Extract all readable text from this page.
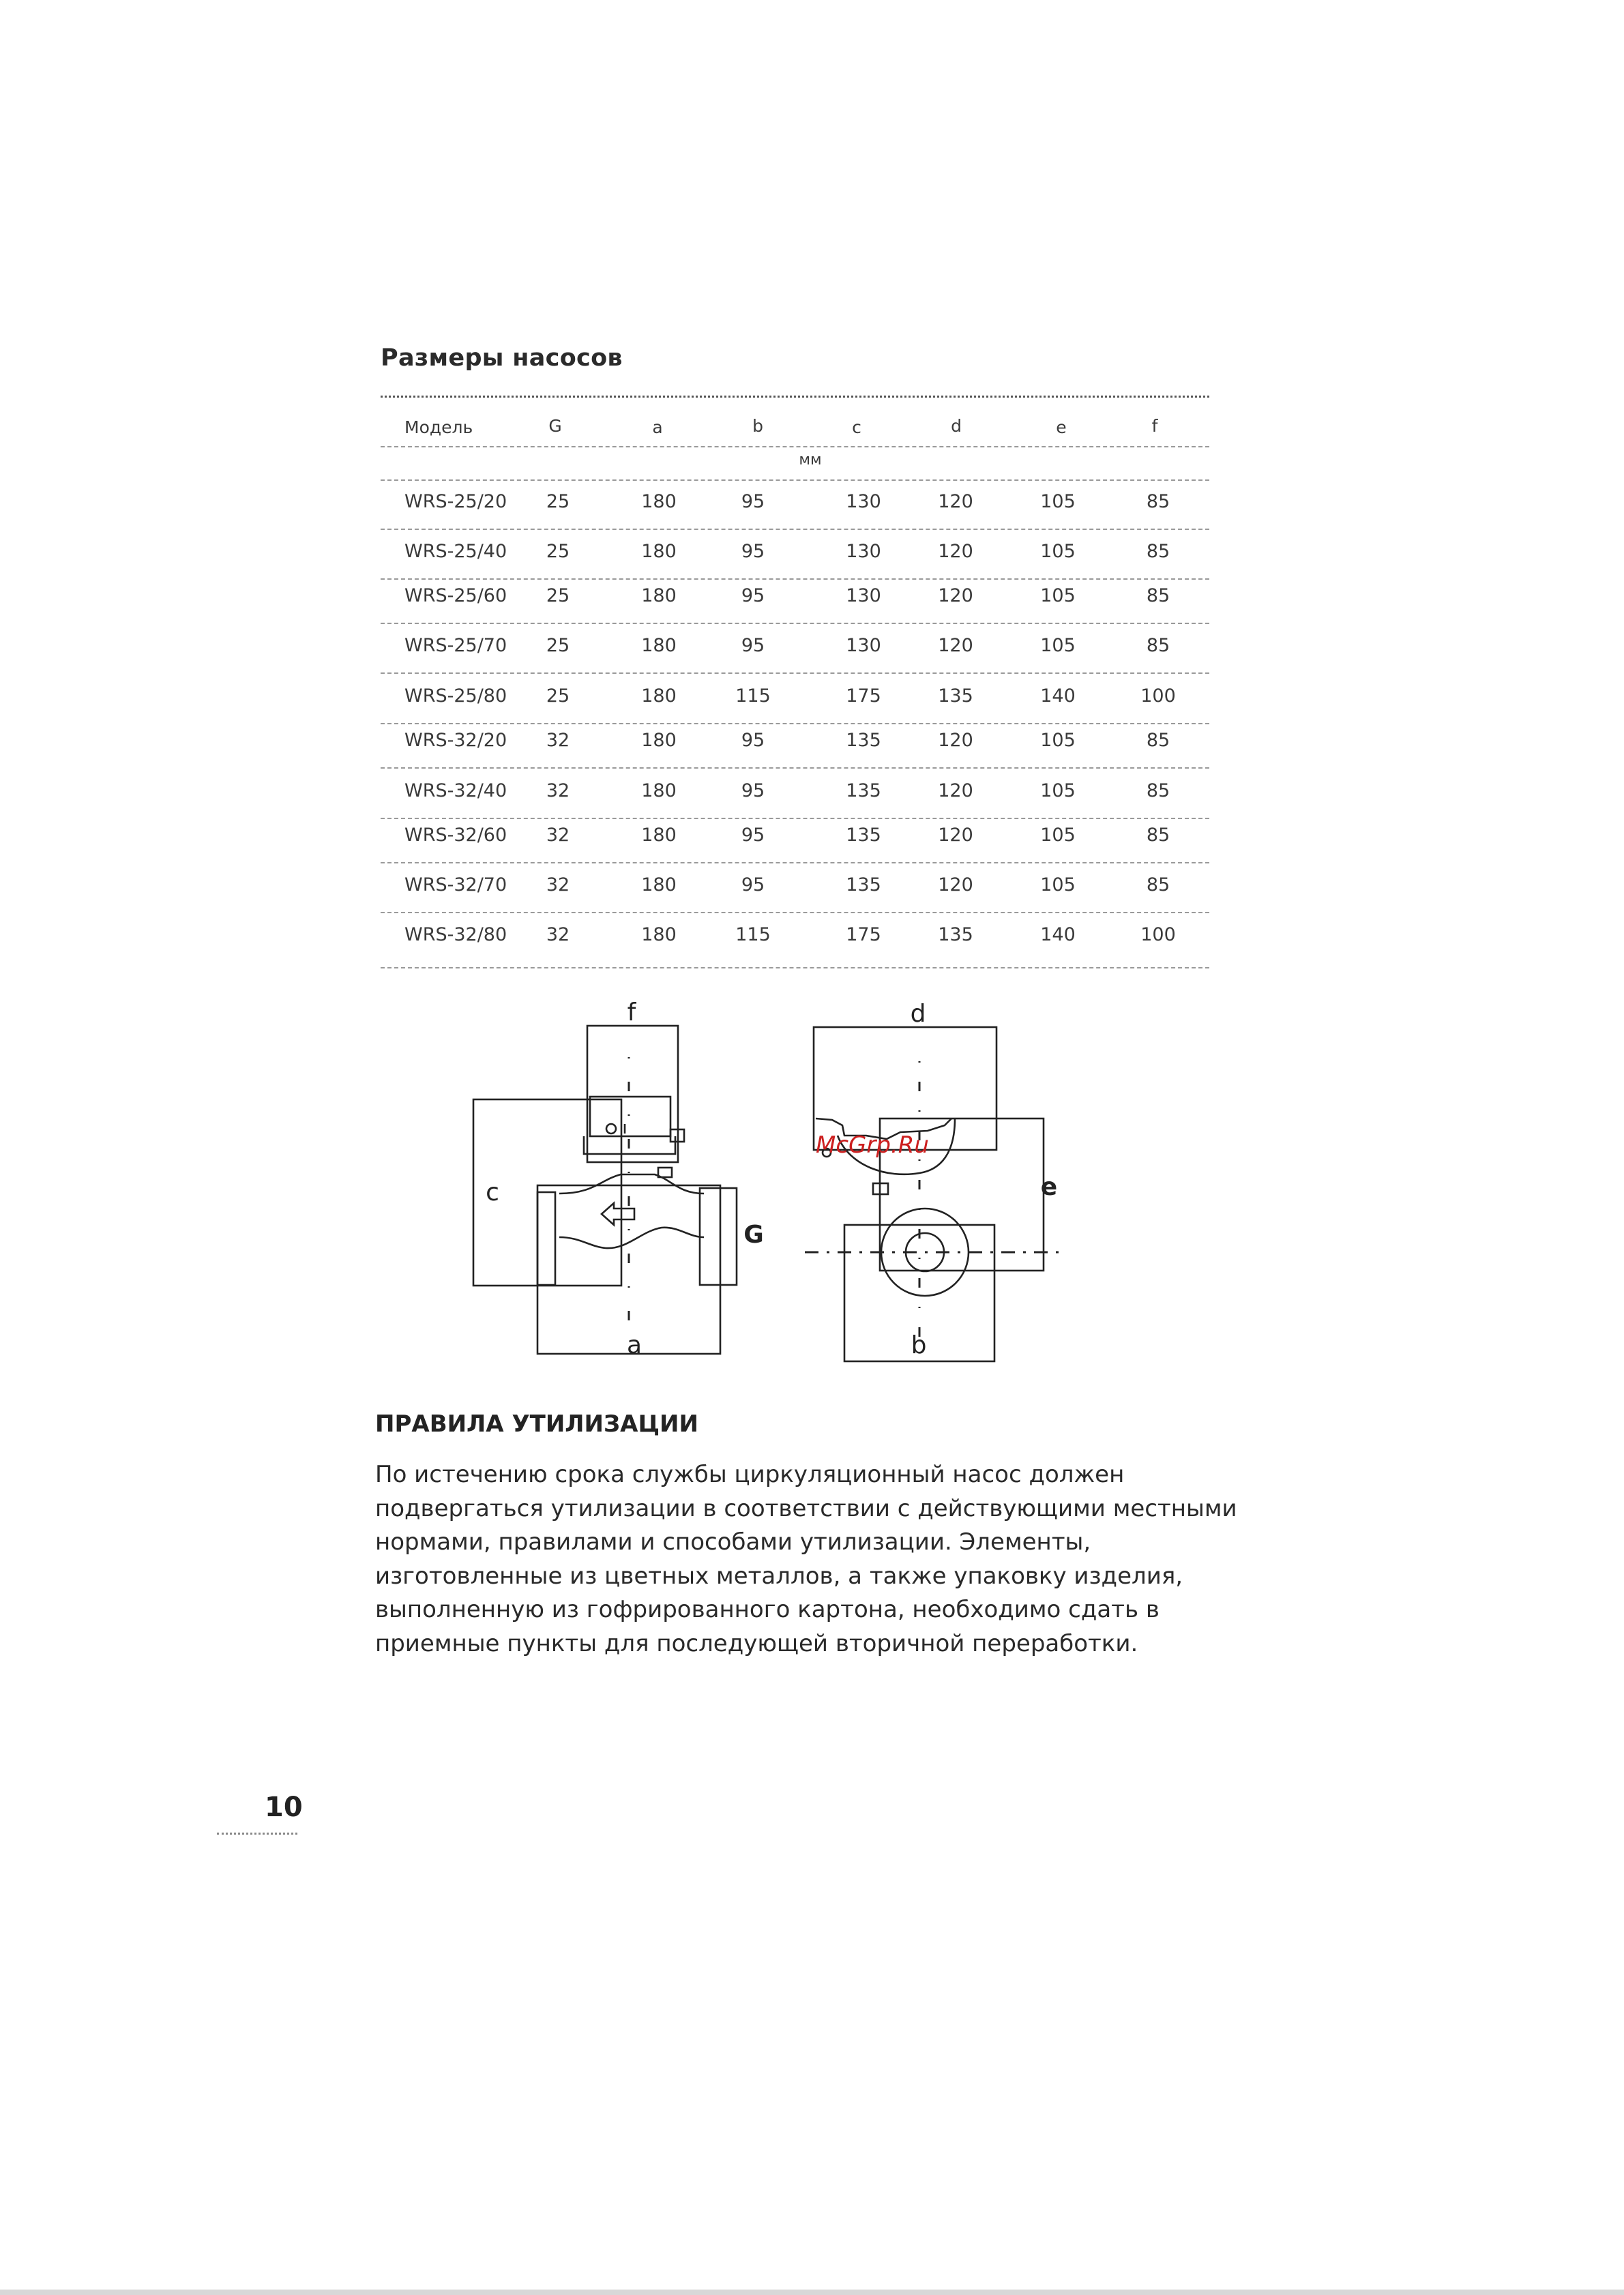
Размеры насосов
Модель	G	a	b	c	d	e	f
мм
WRS-25/20 25	180	95	130	120	105	85
WRS-25/40 25	180	95	130	120	105	85
WRS-25/60 25	180	95	130	120	105	85
WRS-25/70 25	180	95	130	120	105	85
WRS-25/80 25	180	115	175	135	140	100
WRS-32/20 32	180	95	135	120	105	85
WRS-32/40 32	180	95	135	120	105	85
WRS-32/60 32	180	95	135	120	105	85
WRS-32/70 32	180	95	135	120	105	85
WRS-32/80 32	180	115	175	135	140	100
f
c
a
G
d
e
b
McGrp.Ru
ПРАВИЛА УТИЛИЗАЦИИ

По истечению срока службы циркуляционный насос должен
подвергаться утилизации в соответствии с действующими местными
нормами, правилами и способами утилизации. Элементы,
изготовленные из цветных металлов, а также упаковку изделия,
выполненную из гофрированного картона, необходимо сдать в
приемные пункты для последующей вторичной переработки.

10
